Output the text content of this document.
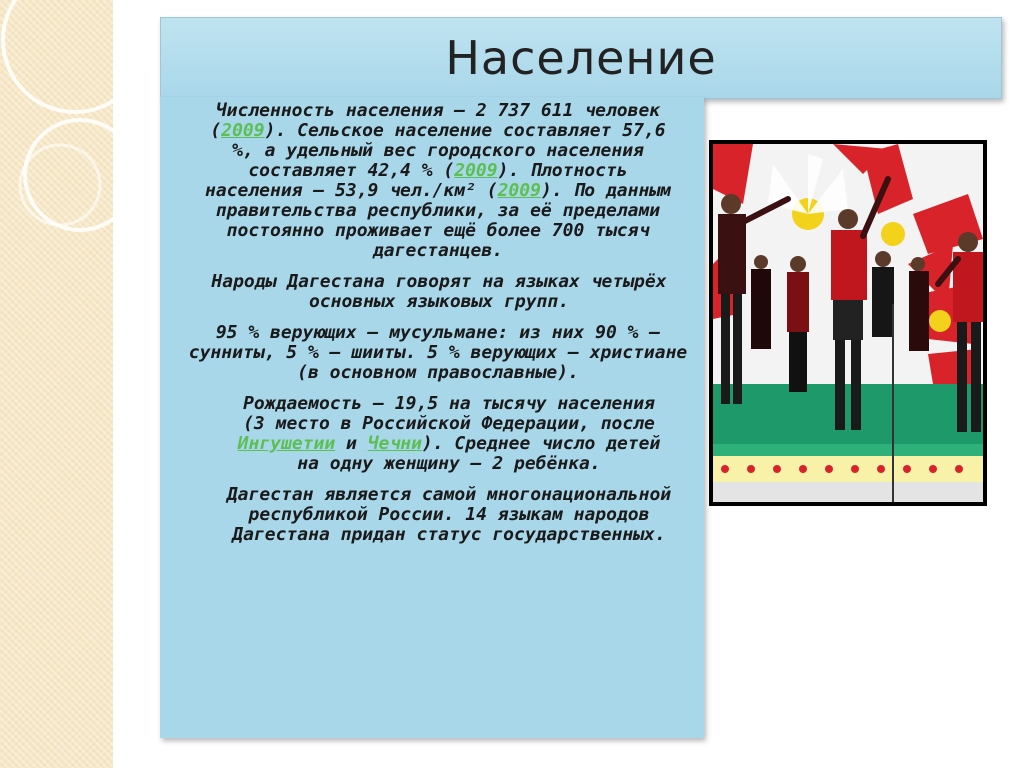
Население

Численность населения — 2 737 611 человек (2009). Сельское население составляет 57,6 %, а удельный вес городского населения составляет 42,4 % (2009). Плотность населения — 53,9 чел./км² (2009). По данным правительства республики, за её пределами постоянно проживает ещё более 700 тысяч дагестанцев.

Народы Дагестана говорят на языках четырёх основных языковых групп.

95 % верующих — мусульмане: из них 90 % — сунниты, 5 % — шииты. 5 % верующих — христиане (в основном православные).

Рождаемость — 19,5 на тысячу населения (3 место в Российской Федерации, после Ингушетии и Чечни). Среднее число детей на одну женщину — 2 ребёнка.

Дагестан является самой многонациональной республикой России. 14 языкам народов Дагестана придан статус государственных.
